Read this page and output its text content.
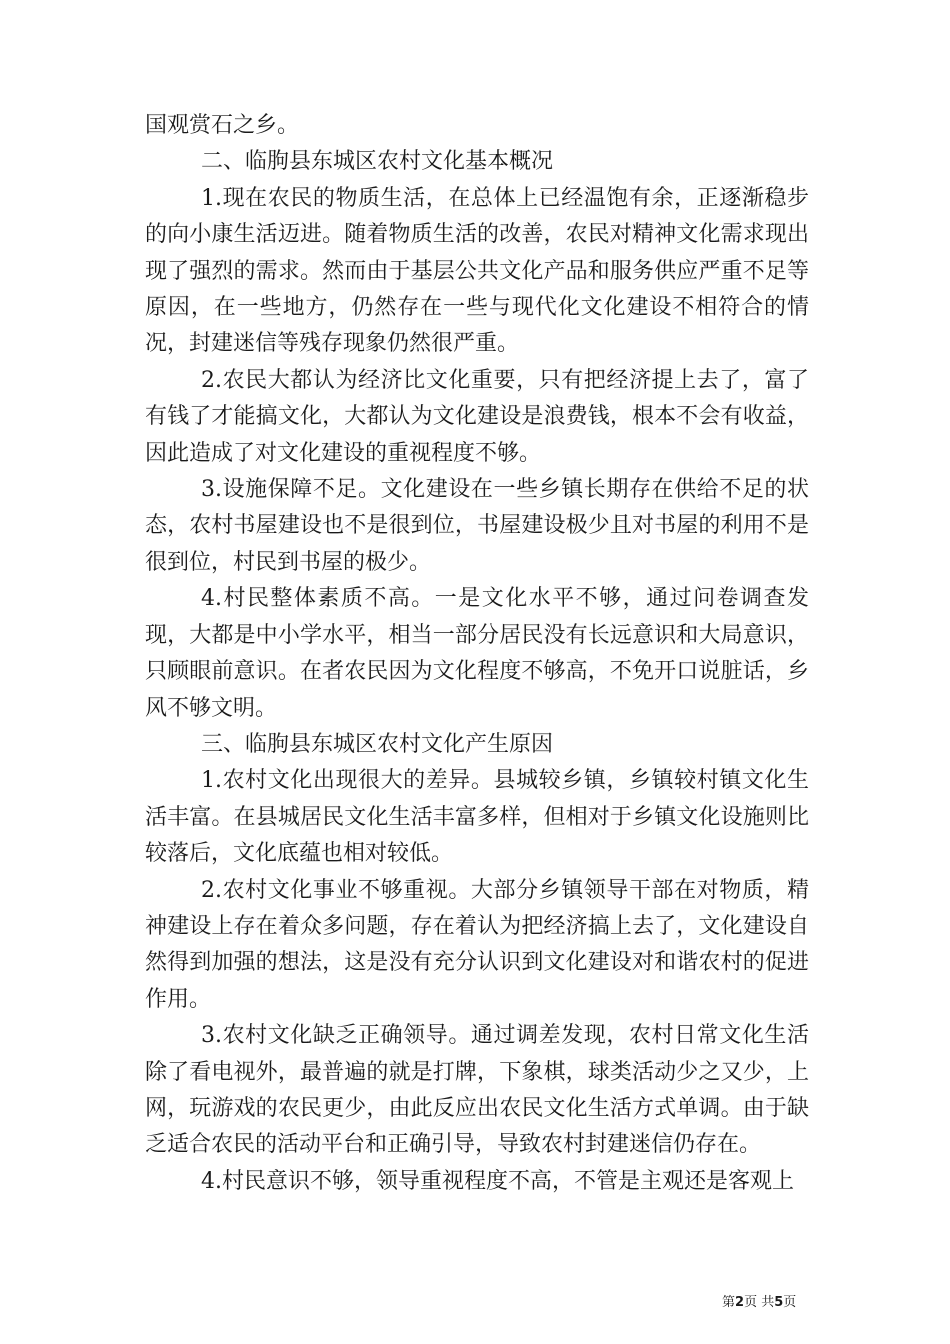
国观赏石之乡。

二、临朐县东城区农村文化基本概况

1.现在农民的物质生活，在总体上已经温饱有余，正逐渐稳步的向小康生活迈进。随着物质生活的改善，农民对精神文化需求现出现了强烈的需求。然而由于基层公共文化产品和服务供应严重不足等原因，在一些地方，仍然存在一些与现代化文化建设不相符合的情况，封建迷信等残存现象仍然很严重。

2.农民大都认为经济比文化重要，只有把经济提上去了，富了有钱了才能搞文化，大都认为文化建设是浪费钱，根本不会有收益，因此造成了对文化建设的重视程度不够。

3.设施保障不足。文化建设在一些乡镇长期存在供给不足的状态，农村书屋建设也不是很到位，书屋建设极少且对书屋的利用不是很到位，村民到书屋的极少。

4.村民整体素质不高。一是文化水平不够，通过问卷调查发现，大都是中小学水平，相当一部分居民没有长远意识和大局意识，只顾眼前意识。在者农民因为文化程度不够高，不免开口说脏话，乡风不够文明。

三、临朐县东城区农村文化产生原因

1.农村文化出现很大的差异。县城较乡镇，乡镇较村镇文化生活丰富。在县城居民文化生活丰富多样，但相对于乡镇文化设施则比较落后，文化底蕴也相对较低。

2.农村文化事业不够重视。大部分乡镇领导干部在对物质，精神建设上存在着众多问题，存在着认为把经济搞上去了，文化建设自然得到加强的想法，这是没有充分认识到文化建设对和谐农村的促进作用。

3.农村文化缺乏正确领导。通过调差发现，农村日常文化生活除了看电视外，最普遍的就是打牌，下象棋，球类活动少之又少，上网，玩游戏的农民更少，由此反应出农民文化生活方式单调。由于缺乏适合农民的活动平台和正确引导，导致农村封建迷信仍存在。

4.村民意识不够，领导重视程度不高，不管是主观还是客观上

第2页 共5页
